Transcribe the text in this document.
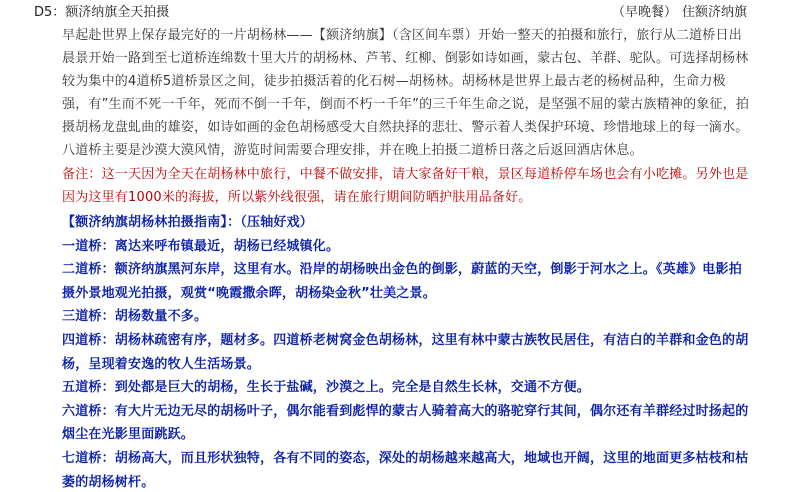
D5：额济纳旗全天拍摄	（早晚餐） 住额济纳旗

早起赴世界上保存最完好的一片胡杨林——【额济纳旗】（含区间车票）开始一整天的拍摄和旅行，旅行从二道桥日出晨景开始一路到至七道桥连绵数十里大片的胡杨林、芦苇、红柳、倒影如诗如画，蒙古包、羊群、驼队。可选择胡杨林较为集中的4道桥5道桥景区之间，徒步拍摄活着的化石树—胡杨林。胡杨林是世界上最古老的杨树品种，生命力极强，有”生而不死一千年，死而不倒一千年，倒而不朽一千年”的三千年生命之说，是坚强不屈的蒙古族精神的象征，拍摄胡杨龙盘虬曲的雄姿，如诗如画的金色胡杨感受大自然抉择的悲壮、警示着人类保护环境、珍惜地球上的每一滴水。八道桥主要是沙漠大漠风情，游览时间需要合理安排，并在晚上拍摄二道桥日落之后返回酒店休息。

备注：这一天因为全天在胡杨林中旅行，中餐不做安排，请大家备好干粮，景区每道桥停车场也会有小吃摊。另外也是因为这里有1000米的海拔，所以紫外线很强，请在旅行期间防晒护肤用品备好。

【额济纳旗胡杨林拍摄指南】：（压轴好戏）

一道桥：离达来呼布镇最近，胡杨已经城镇化。

二道桥：额济纳旗黑河东岸，这里有水。沿岸的胡杨映出金色的倒影，蔚蓝的天空，倒影于河水之上。《英雄》电影拍摄外景地观光拍摄，观赏“晚霞撒余晖，胡杨染金秋”壮美之景。

三道桥：胡杨数量不多。

四道桥：胡杨林疏密有序，题材多。四道桥老树窝金色胡杨林，这里有林中蒙古族牧民居住，有洁白的羊群和金色的胡杨，呈现着安逸的牧人生活场景。

五道桥：到处都是巨大的胡杨，生长于盐碱，沙漠之上。完全是自然生长林，交通不方便。

六道桥：有大片无边无尽的胡杨叶子，偶尔能看到彪悍的蒙古人骑着高大的骆驼穿行其间，偶尔还有羊群经过时扬起的烟尘在光影里面跳跃。

七道桥：胡杨高大，而且形状独特，各有不同的姿态，深处的胡杨越来越高大，地域也开阔，这里的地面更多枯枝和枯萎的胡杨树杆。
